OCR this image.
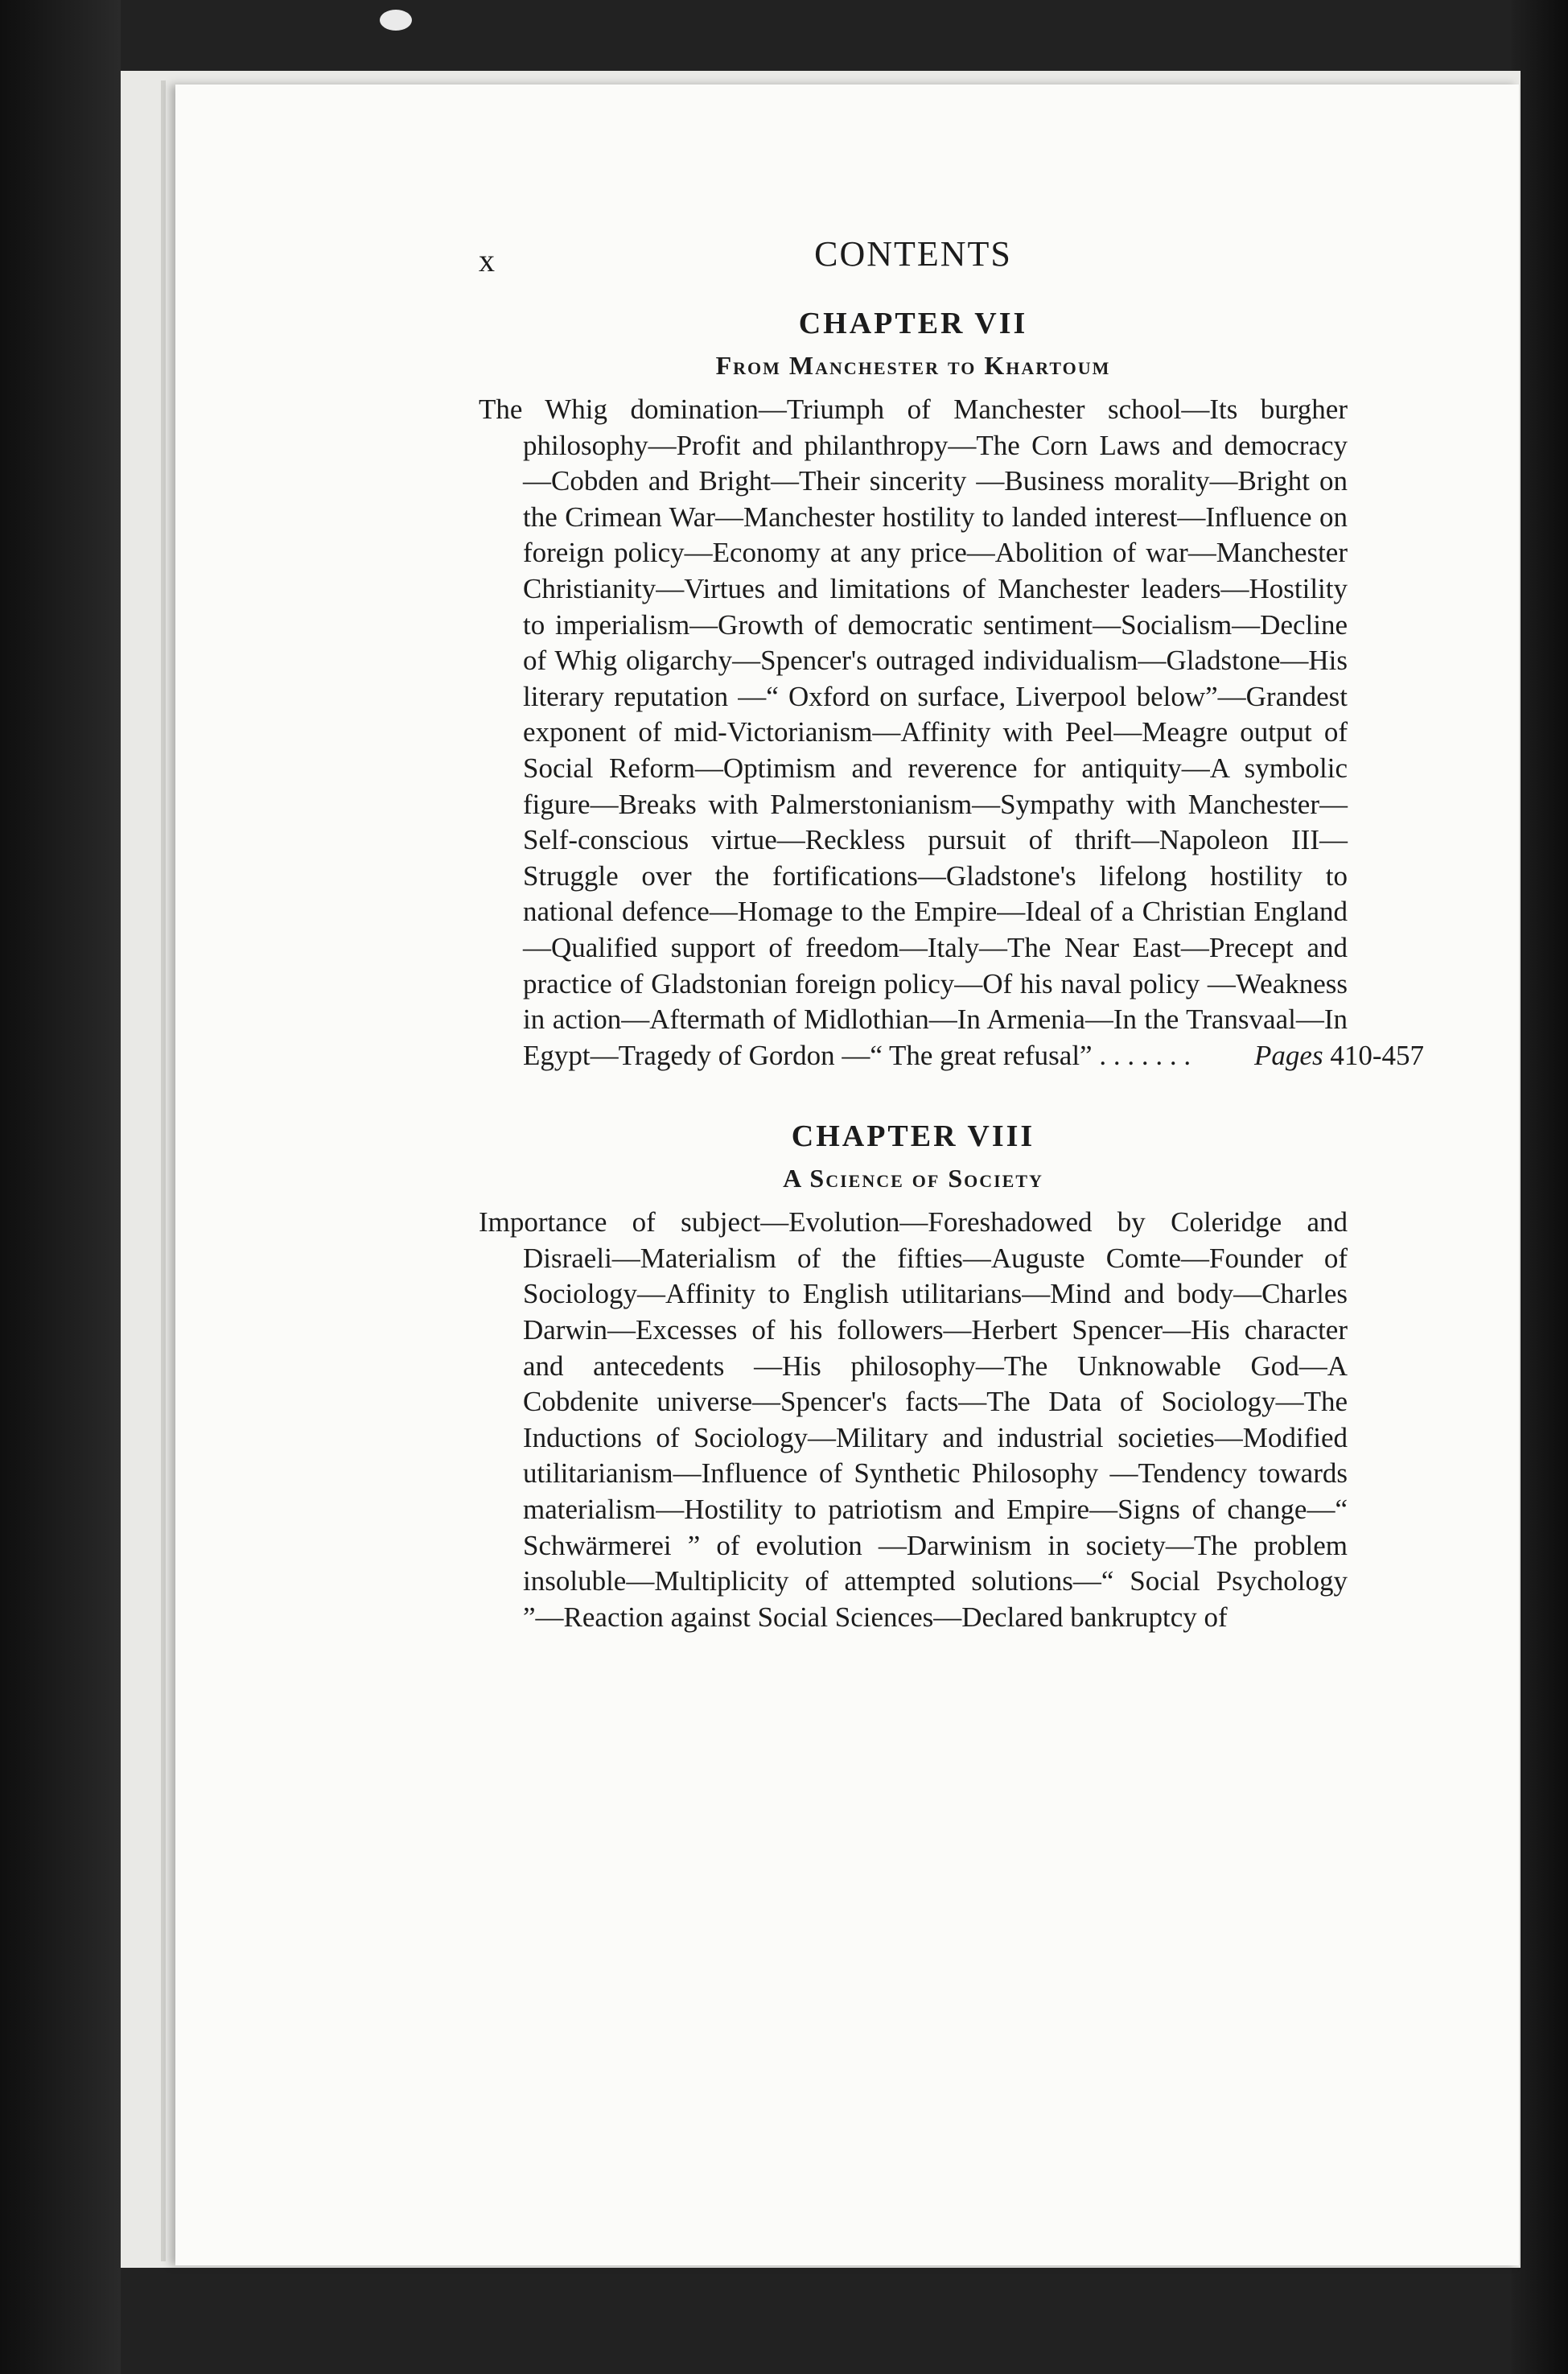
x	CONTENTS
CHAPTER VII
From Manchester to Khartoum

The Whig domination—Triumph of Manchester school—Its burgher philosophy—Profit and philanthropy—The Corn Laws and democracy—Cobden and Bright—Their sincerity —Business morality—Bright on the Crimean War—Manchester hostility to landed interest—Influence on foreign policy—Economy at any price—Abolition of war—Manchester Christianity—Virtues and limitations of Manchester leaders—Hostility to imperialism—Growth of democratic sentiment—Socialism—Decline of Whig oligarchy—Spencer's outraged individualism—Gladstone—His literary reputation —“ Oxford on surface, Liverpool below”—Grandest exponent of mid-Victorianism—Affinity with Peel—Meagre output of Social Reform—Optimism and reverence for antiquity—A symbolic figure—Breaks with Palmerstonianism—Sympathy with Manchester—Self-conscious virtue—Reckless pursuit of thrift—Napoleon III—Struggle over the fortifications—Gladstone's lifelong hostility to national defence—Homage to the Empire—Ideal of a Christian England—Qualified support of freedom—Italy—The Near East—Precept and practice of Gladstonian foreign policy—Of his naval policy —Weakness in action—Aftermath of Midlothian—In Armenia—In the Transvaal—In Egypt—Tragedy of Gordon —“ The great refusal” . . . . . . . Pages 410-457

CHAPTER VIII
A Science of Society

Importance of subject—Evolution—Foreshadowed by Coleridge and Disraeli—Materialism of the fifties—Auguste Comte—Founder of Sociology—Affinity to English utilitarians—Mind and body—Charles Darwin—Excesses of his followers—Herbert Spencer—His character and antecedents —His philosophy—The Unknowable God—A Cobdenite universe—Spencer's facts—The Data of Sociology—The Inductions of Sociology—Military and industrial societies—Modified utilitarianism—Influence of Synthetic Philosophy —Tendency towards materialism—Hostility to patriotism and Empire—Signs of change—“ Schwärmerei ” of evolution —Darwinism in society—The problem insoluble—Multiplicity of attempted solutions—“ Social Psychology ”—Reaction against Social Sciences—Declared bankruptcy of
